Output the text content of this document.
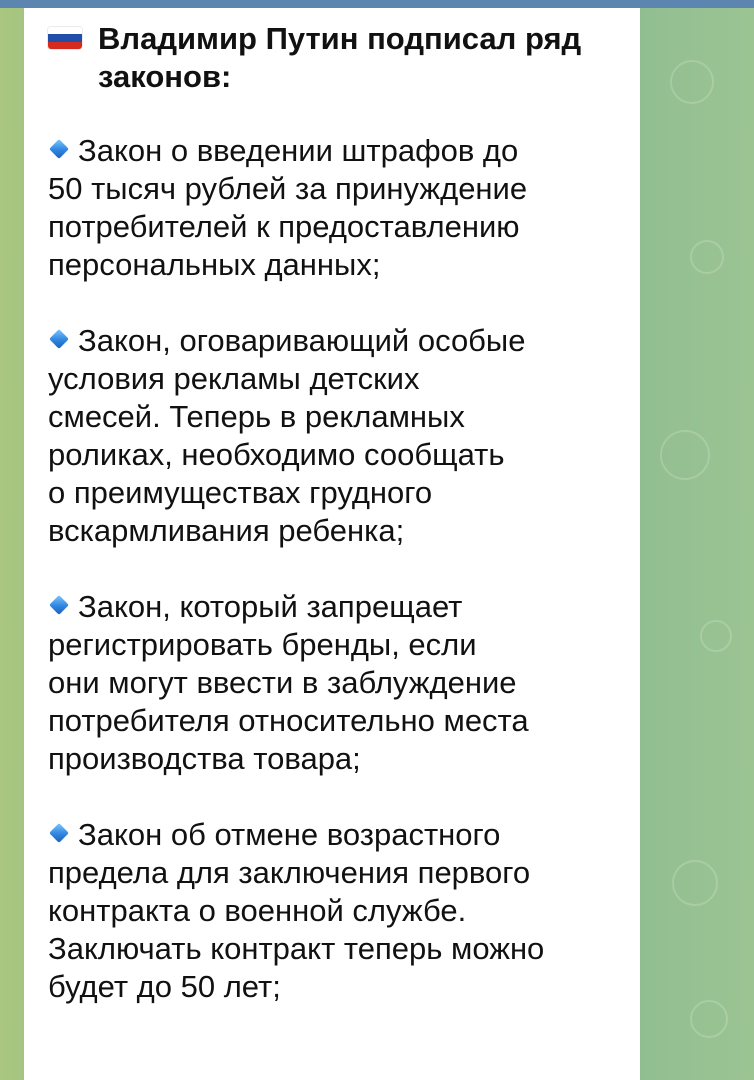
Владимир Путин подписал ряд
законов:
Закон о введении штрафов до
50 тысяч рублей за принуждение
потребителей к предоставлению
персональных данных;
Закон, оговаривающий особые
условия рекламы детских
смесей. Теперь в рекламных
роликах, необходимо сообщать
о преимуществах грудного
вскармливания ребенка;
Закон, который запрещает
регистрировать бренды, если
они могут ввести в заблуждение
потребителя относительно места
производства товара;
Закон об отмене возрастного
предела для заключения первого
контракта о военной службе.
Заключать контракт теперь можно
будет до 50 лет;
